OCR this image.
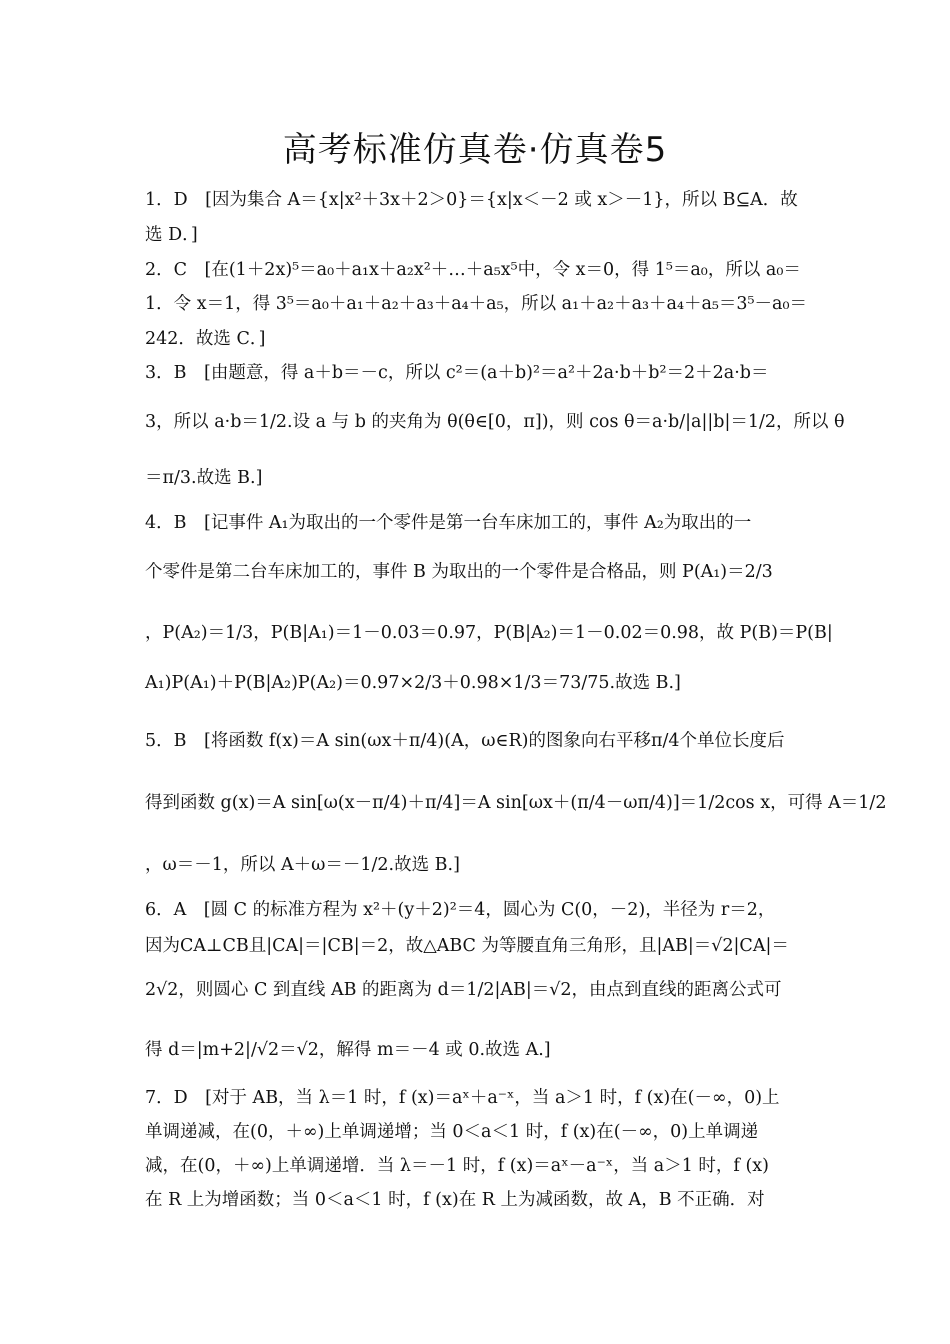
高考标准仿真卷·仿真卷5
1．D　[因为集合 A＝{x|x²＋3x＋2＞0}＝{x|x＜－2 或 x＞－1}，所以 B⊆A．故
选 D．]
2．C　[在(1＋2x)⁵＝a₀＋a₁x＋a₂x²＋…＋a₅x⁵中，令 x＝0，得 1⁵＝a₀，所以 a₀＝
1．令 x＝1，得 3⁵＝a₀＋a₁＋a₂＋a₃＋a₄＋a₅，所以 a₁＋a₂＋a₃＋a₄＋a₅＝3⁵－a₀＝
242．故选 C．]
3．B　[由题意，得 a＋b＝－c，所以 c²＝(a＋b)²＝a²＋2a·b＋b²＝2＋2a·b＝
3，所以 a·b＝1/2.设 a 与 b 的夹角为 θ(θ∈[0，π])，则 cos θ＝a·b/|a||b|＝1/2，所以 θ
＝π/3.故选 B.]
4．B　[记事件 A₁为取出的一个零件是第一台车床加工的，事件 A₂为取出的一
个零件是第二台车床加工的，事件 B 为取出的一个零件是合格品，则 P(A₁)＝2/3
，P(A₂)＝1/3，P(B|A₁)＝1－0.03＝0.97，P(B|A₂)＝1－0.02＝0.98，故 P(B)＝P(B|
A₁)P(A₁)＋P(B|A₂)P(A₂)＝0.97×2/3＋0.98×1/3＝73/75.故选 B.]
5．B　[将函数 f(x)＝A sin(ωx＋π/4)(A，ω∈R)的图象向右平移π/4个单位长度后
得到函数 g(x)＝A sin[ω(x－π/4)＋π/4]＝A sin[ωx＋(π/4－ωπ/4)]＝1/2cos x，可得 A＝1/2
，ω＝－1，所以 A＋ω＝－1/2.故选 B.]
6．A　[圆 C 的标准方程为 x²＋(y＋2)²＝4，圆心为 C(0，－2)，半径为 r＝2，
因为CA⊥CB且|CA|＝|CB|＝2，故△ABC 为等腰直角三角形，且|AB|＝√2|CA|＝
2√2，则圆心 C 到直线 AB 的距离为 d＝1/2|AB|＝√2，由点到直线的距离公式可
得 d＝|m+2|/√2＝√2，解得 m＝－4 或 0.故选 A.]
7．D　[对于 AB，当 λ＝1 时，f (x)＝aˣ＋a⁻ˣ，当 a＞1 时，f (x)在(－∞，0)上
单调递减，在(0，＋∞)上单调递增；当 0＜a＜1 时，f (x)在(－∞，0)上单调递
减，在(0，＋∞)上单调递增．当 λ＝－1 时，f (x)＝aˣ－a⁻ˣ，当 a＞1 时，f (x)
在 R 上为增函数；当 0＜a＜1 时，f (x)在 R 上为减函数，故 A，B 不正确．对
